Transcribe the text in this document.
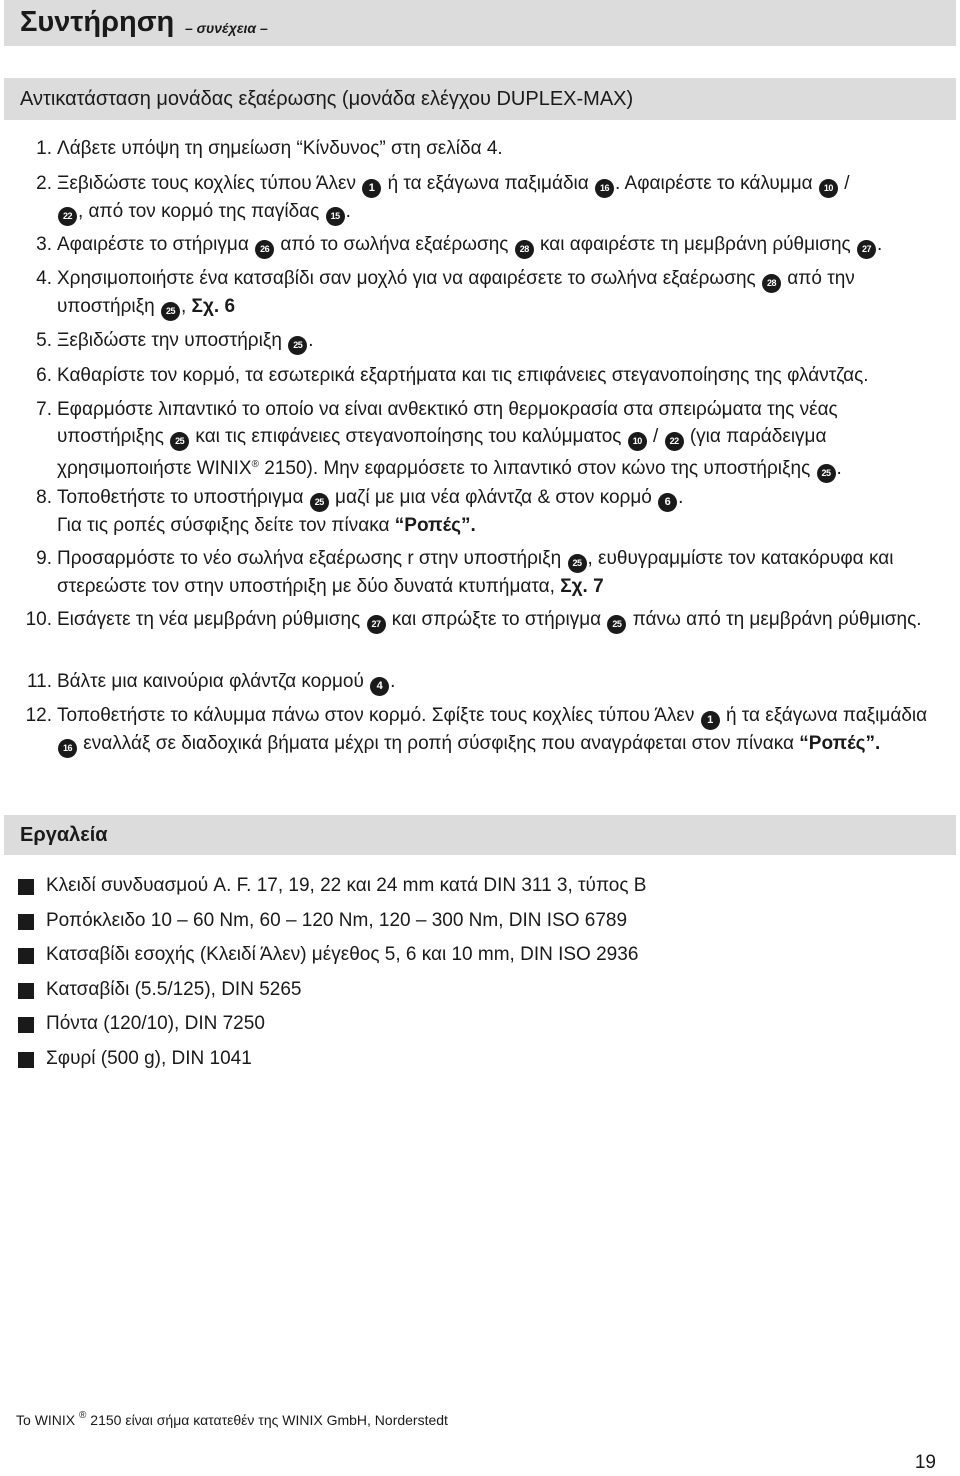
Συντήρηση – συνέχεια –
Αντικατάσταση μονάδας εξαέρωσης (μονάδα ελέγχου DUPLEX-MAX)
1. Λάβετε υπόψη τη σημείωση “Κίνδυνος” στη σελίδα 4.
2. Ξεβιδώστε τους κοχλίες τύπου Άλεν 1 ή τα εξάγωνα παξιμάδια 16 . Αφαιρέστε το κάλυμμα 10 /
22 , από τον κορμό της παγίδας 15 .
3. Αφαιρέστε το στήριγμα 26 από το σωλήνα εξαέρωσης 28 και αφαιρέστε τη μεμβράνη ρύθμισης 27 .
4. Χρησιμοποιήστε ένα κατσαβίδι σαν μοχλό για να αφαιρέσετε το σωλήνα εξαέρωσης 28 από την υποστήριξη 25 , Σχ. 6
5. Ξεβιδώστε την υποστήριξη 25 .
6. Καθαρίστε τον κορμό, τα εσωτερικά εξαρτήματα και τις επιφάνειες στεγανοποίησης της φλάντζας.
7. Εφαρμόστε λιπαντικό το οποίο να είναι ανθεκτικό στη θερμοκρασία στα σπειρώματα της νέας υποστήριξης 25 και τις επιφάνειες στεγανοποίησης του καλύμματος 10 / 22 (για παράδειγμα χρησιμοποιήστε WINIX® 2150). Μην εφαρμόσετε το λιπαντικό στον κώνο της υποστήριξης 25 .
8. Τοποθετήστε το υποστήριγμα 25 μαζί με μια νέα φλάντζα & στον κορμό 6 .
Για τις ροπές σύσφιξης δείτε τον πίνακα “Ροπές”.
9. Προσαρμόστε το νέο σωλήνα εξαέρωσης r στην υποστήριξη 25 , ευθυγραμμίστε τον κατακόρυφα και στερεώστε τον στην υποστήριξη με δύο δυνατά κτυπήματα, Σχ. 7
10. Εισάγετε τη νέα μεμβράνη ρύθμισης 27 και σπρώξτε το στήριγμα 25 πάνω από τη μεμβράνη ρύθμισης.
11. Βάλτε μια καινούρια φλάντζα κορμού 4 .
12. Τοποθετήστε το κάλυμμα πάνω στον κορμό. Σφίξτε τους κοχλίες τύπου Άλεν 1 ή τα εξάγωνα παξιμάδια
16 εναλλάξ σε διαδοχικά βήματα μέχρι τη ροπή σύσφιξης που αναγράφεται στον πίνακα “Ροπές”.
Εργαλεία
Κλειδί συνδυασμού A. F. 17, 19, 22 και 24 mm κατά DIN 311 3, τύπος B
Ροπόκλειδο 10 – 60 Nm, 60 – 120 Nm, 120 – 300 Nm, DIN ISO 6789
Κατσαβίδι εσοχής (Κλειδί Άλεν) μέγεθος 5, 6 και 10 mm, DIN ISO 2936
Κατσαβίδι (5.5/125), DIN 5265
Πόντα (120/10), DIN 7250
Σφυρί (500 g), DIN 1041
Το WINIX ® 2150 είναι σήμα κατατεθέν της WINIX GmbH, Norderstedt
19
